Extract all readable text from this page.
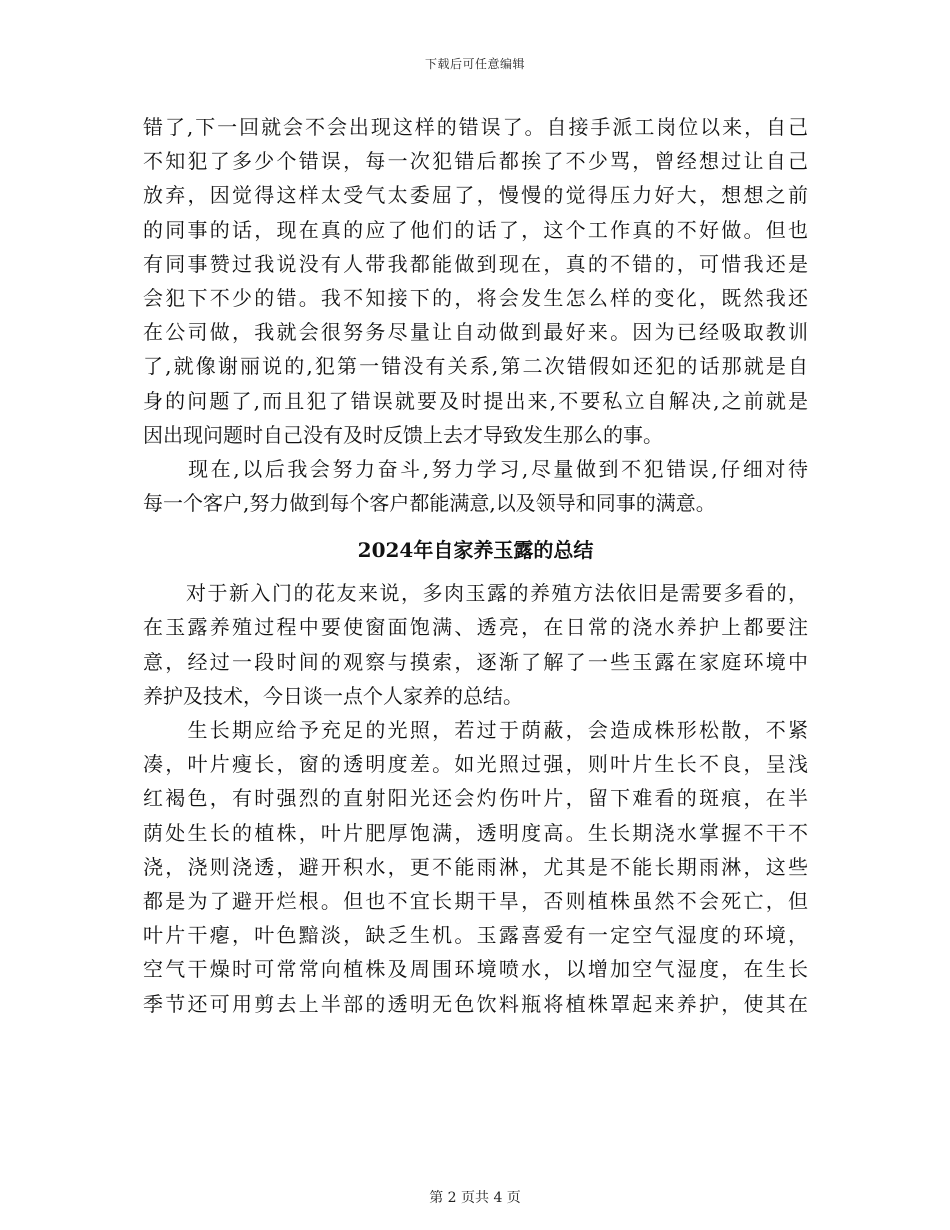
下载后可任意编辑
错了,下一回就会不会出现这样的错误了。自接手派工岗位以来，自己
不知犯了多少个错误，每一次犯错后都挨了不少骂，曾经想过让自己
放弃，因觉得这样太受气太委屈了，慢慢的觉得压力好大，想想之前
的同事的话，现在真的应了他们的话了，这个工作真的不好做。但也
有同事赞过我说没有人带我都能做到现在，真的不错的，可惜我还是
会犯下不少的错。我不知接下的，将会发生怎么样的变化，既然我还
在公司做，我就会很努务尽量让自动做到最好来。因为已经吸取教训
了,就像谢丽说的,犯第一错没有关系,第二次错假如还犯的话那就是自
身的问题了,而且犯了错误就要及时提出来,不要私立自解决,之前就是
因出现问题时自己没有及时反馈上去才导致发生那么的事。
　　现在,以后我会努力奋斗,努力学习,尽量做到不犯错误,仔细对待
每一个客户,努力做到每个客户都能满意,以及领导和同事的满意。
2024年自家养玉露的总结
　　对于新入门的花友来说，多肉玉露的养殖方法依旧是需要多看的，
在玉露养殖过程中要使窗面饱满、透亮，在日常的浇水养护上都要注
意，经过一段时间的观察与摸索，逐渐了解了一些玉露在家庭环境中
养护及技术，今日谈一点个人家养的总结。
　　生长期应给予充足的光照，若过于荫蔽，会造成株形松散，不紧
凑，叶片瘦长，窗的透明度差。如光照过强，则叶片生长不良，呈浅
红褐色，有时强烈的直射阳光还会灼伤叶片，留下难看的斑痕，在半
荫处生长的植株，叶片肥厚饱满，透明度高。生长期浇水掌握不干不
浇，浇则浇透，避开积水，更不能雨淋，尤其是不能长期雨淋，这些
都是为了避开烂根。但也不宜长期干旱，否则植株虽然不会死亡，但
叶片干瘪，叶色黯淡，缺乏生机。玉露喜爱有一定空气湿度的环境，
空气干燥时可常常向植株及周围环境喷水，以增加空气湿度，在生长
季节还可用剪去上半部的透明无色饮料瓶将植株罩起来养护，使其在
第 2 页共 4 页
